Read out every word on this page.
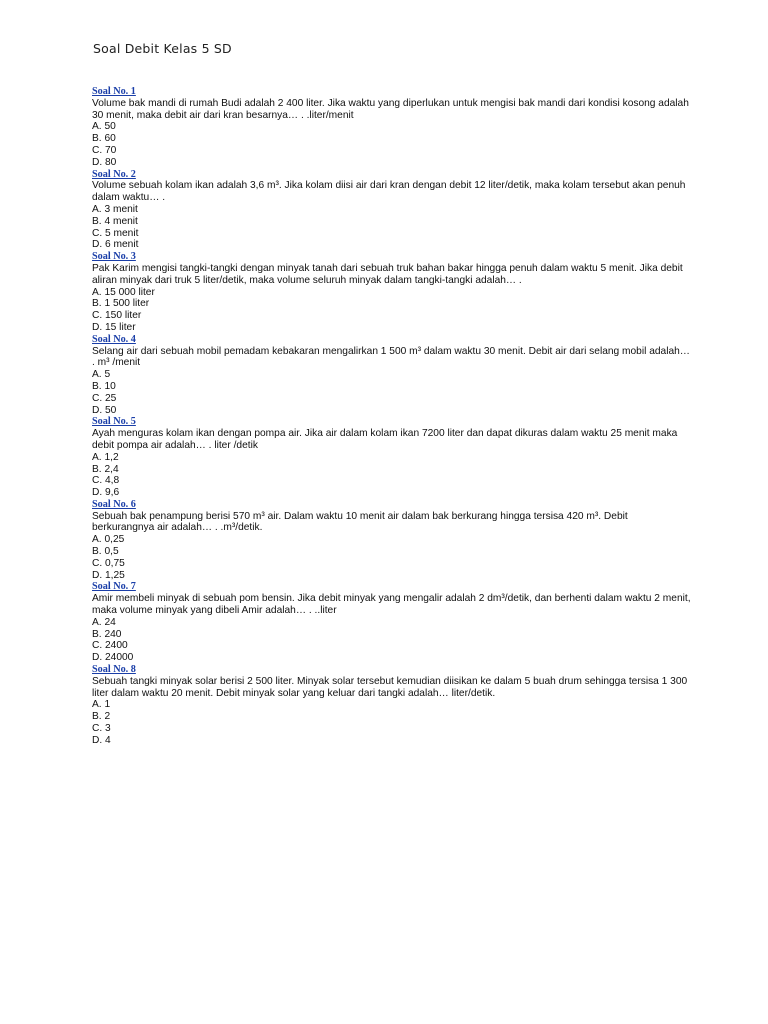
Soal Debit Kelas 5 SD
Soal No. 1
Volume bak mandi di rumah Budi adalah 2 400 liter. Jika waktu yang diperlukan untuk mengisi bak mandi dari kondisi kosong adalah 30 menit, maka debit air dari kran besarnya… . .liter/menit
A. 50
B. 60
C. 70
D. 80
Soal No. 2
Volume sebuah kolam ikan adalah 3,6 m³. Jika kolam diisi air dari kran dengan debit 12 liter/detik, maka kolam tersebut akan penuh dalam waktu… .
A. 3 menit
B. 4 menit
C. 5 menit
D. 6 menit
Soal No. 3
Pak Karim mengisi tangki-tangki dengan minyak tanah dari sebuah truk bahan bakar hingga penuh dalam waktu 5 menit. Jika debit aliran minyak dari truk 5 liter/detik, maka volume seluruh minyak dalam tangki-tangki adalah… .
A. 15 000 liter
B. 1 500 liter
C. 150 liter
D. 15 liter
Soal No. 4
Selang air dari sebuah mobil pemadam kebakaran mengalirkan 1 500 m³ dalam waktu 30 menit. Debit air dari selang mobil adalah… . m³ /menit
A. 5
B. 10
C. 25
D. 50
Soal No. 5
Ayah menguras kolam ikan dengan pompa air. Jika air dalam kolam ikan 7200 liter dan dapat dikuras dalam waktu 25 menit maka debit pompa air adalah… . liter /detik
A. 1,2
B. 2,4
C. 4,8
D. 9,6
Soal No. 6
Sebuah bak penampung berisi 570 m³ air. Dalam waktu 10 menit air dalam bak berkurang hingga tersisa 420 m³. Debit berkurangnya air adalah… . .m³/detik.
A. 0,25
B. 0,5
C. 0,75
D. 1,25
Soal No. 7
Amir membeli minyak di sebuah pom bensin. Jika debit minyak yang mengalir adalah 2 dm³/detik, dan berhenti dalam waktu 2 menit, maka volume minyak yang dibeli Amir adalah… . ..liter
A. 24
B. 240
C. 2400
D. 24000
Soal No. 8
Sebuah tangki minyak solar berisi 2 500 liter. Minyak solar tersebut kemudian diisikan ke dalam 5 buah drum sehingga tersisa 1 300 liter dalam waktu 20 menit. Debit minyak solar yang keluar dari tangki adalah… liter/detik.
A. 1
B. 2
C. 3
D. 4
